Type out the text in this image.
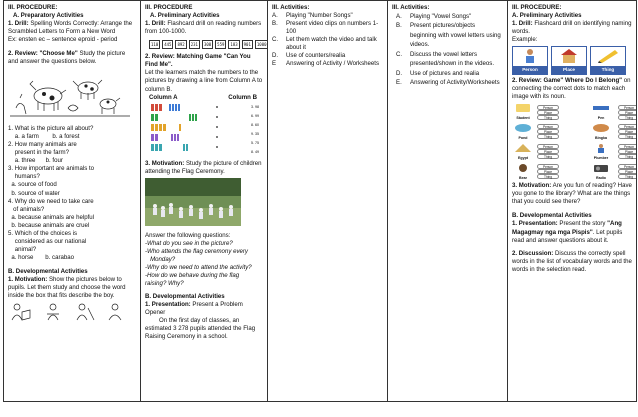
III. PROCEDURE:
A. Preparatory Activities
1. Drill: Spelling Words Correctly: Arrange the Scrambled Letters to Form a New Word
Ex: ensten ec – sentence eproid - period
2. Review: "Choose Me" Study the picture and answer the questions below.
1. What is the picture all about?
a. a farm        b. a forest
2. How many animals are
present in the farm?
a. three      b. four
3. How important are animals to
humans?
a. source of food
b. source of water
4. Why do we need to take care
of animals?
a. because animals are helpful
b. because animals are cruel
5. Which of the choices is
considered as our national
animal?
a. horse       b. carabao
B. Developmental Activities
1. Motivation: Show the pictures below to pupils. Let them study and choose the word inside the box that fits describe the boy.

III. PROCEDURE
A. Preliminary Activities
1. Drill: Flashcard drill on reading numbers from 100-1000.
110	445	892	231	300	559	183	901	1000
2. Review: Matching Game "Can You Find Me".
Let the learners match the numbers to the pictures by drawing a line from Column A to column B.
Column A	Column B
3. 98
6. 99
8. 60
9. 35
5. 75
8. 49
3. Motivation: Study the picture of children attending the Flag Ceremony.
Answer the following questions:
-What do you see in the picture?
-Who attends the flag ceremony every
Monday?
-Why do we need to attend the activity?
-How do we behave during the flag
raising? Why?
B. Developmental Activities
1. Presentation: Present a Problem Opener
On the first day of classes, an estimated 3 278 pupils attended the Flag Raising Ceremony in a school.

III. Activities:
A.	Playing "Number Songs"
B.	Present video clips on numbers 1-100
C.	Let them watch the video and talk about it
D.	Use of counters/realia
E	Answering of Activity / Worksheets

III. Activities:
A.	Playing "Vowel Songs"
B.	Present pictures/objects beginning with vowel letters using videos.
C.	Discuss the vowel letters presented/shown in the videos.
D.	Use of pictures and realia
E.	Answering of Activity/Worksheets

III. PROCEDURE:
A. Preliminary Activities
1. Drill: Flashcard drill on identifying naming words.
Example:
Person	Place	Thing
2. Review: Game" Where Do I Belong" on connecting the correct dots to match each image with its noun.
Student
Person
Place
Thing	Pen
Person
Place
Thing
Pond
Person
Place
Thing	Bingka
Person
Place
Thing
Egypt
Person
Place
Thing	Plumber
Person
Place
Thing
Bear
Person
Place
Thing	Radio
Person
Place
Thing
3. Motivation: Are you fun of reading? Have you gone to the library? What are the things that you could see there?
B. Developmental Activities
1. Presentation: Present the story "Ang Magagmay nga mga Pispis". Let pupils read and answer questions about it.
2. Discussion: Discuss the correctly spell words in the list of vocabulary words and the words in the selection read.
